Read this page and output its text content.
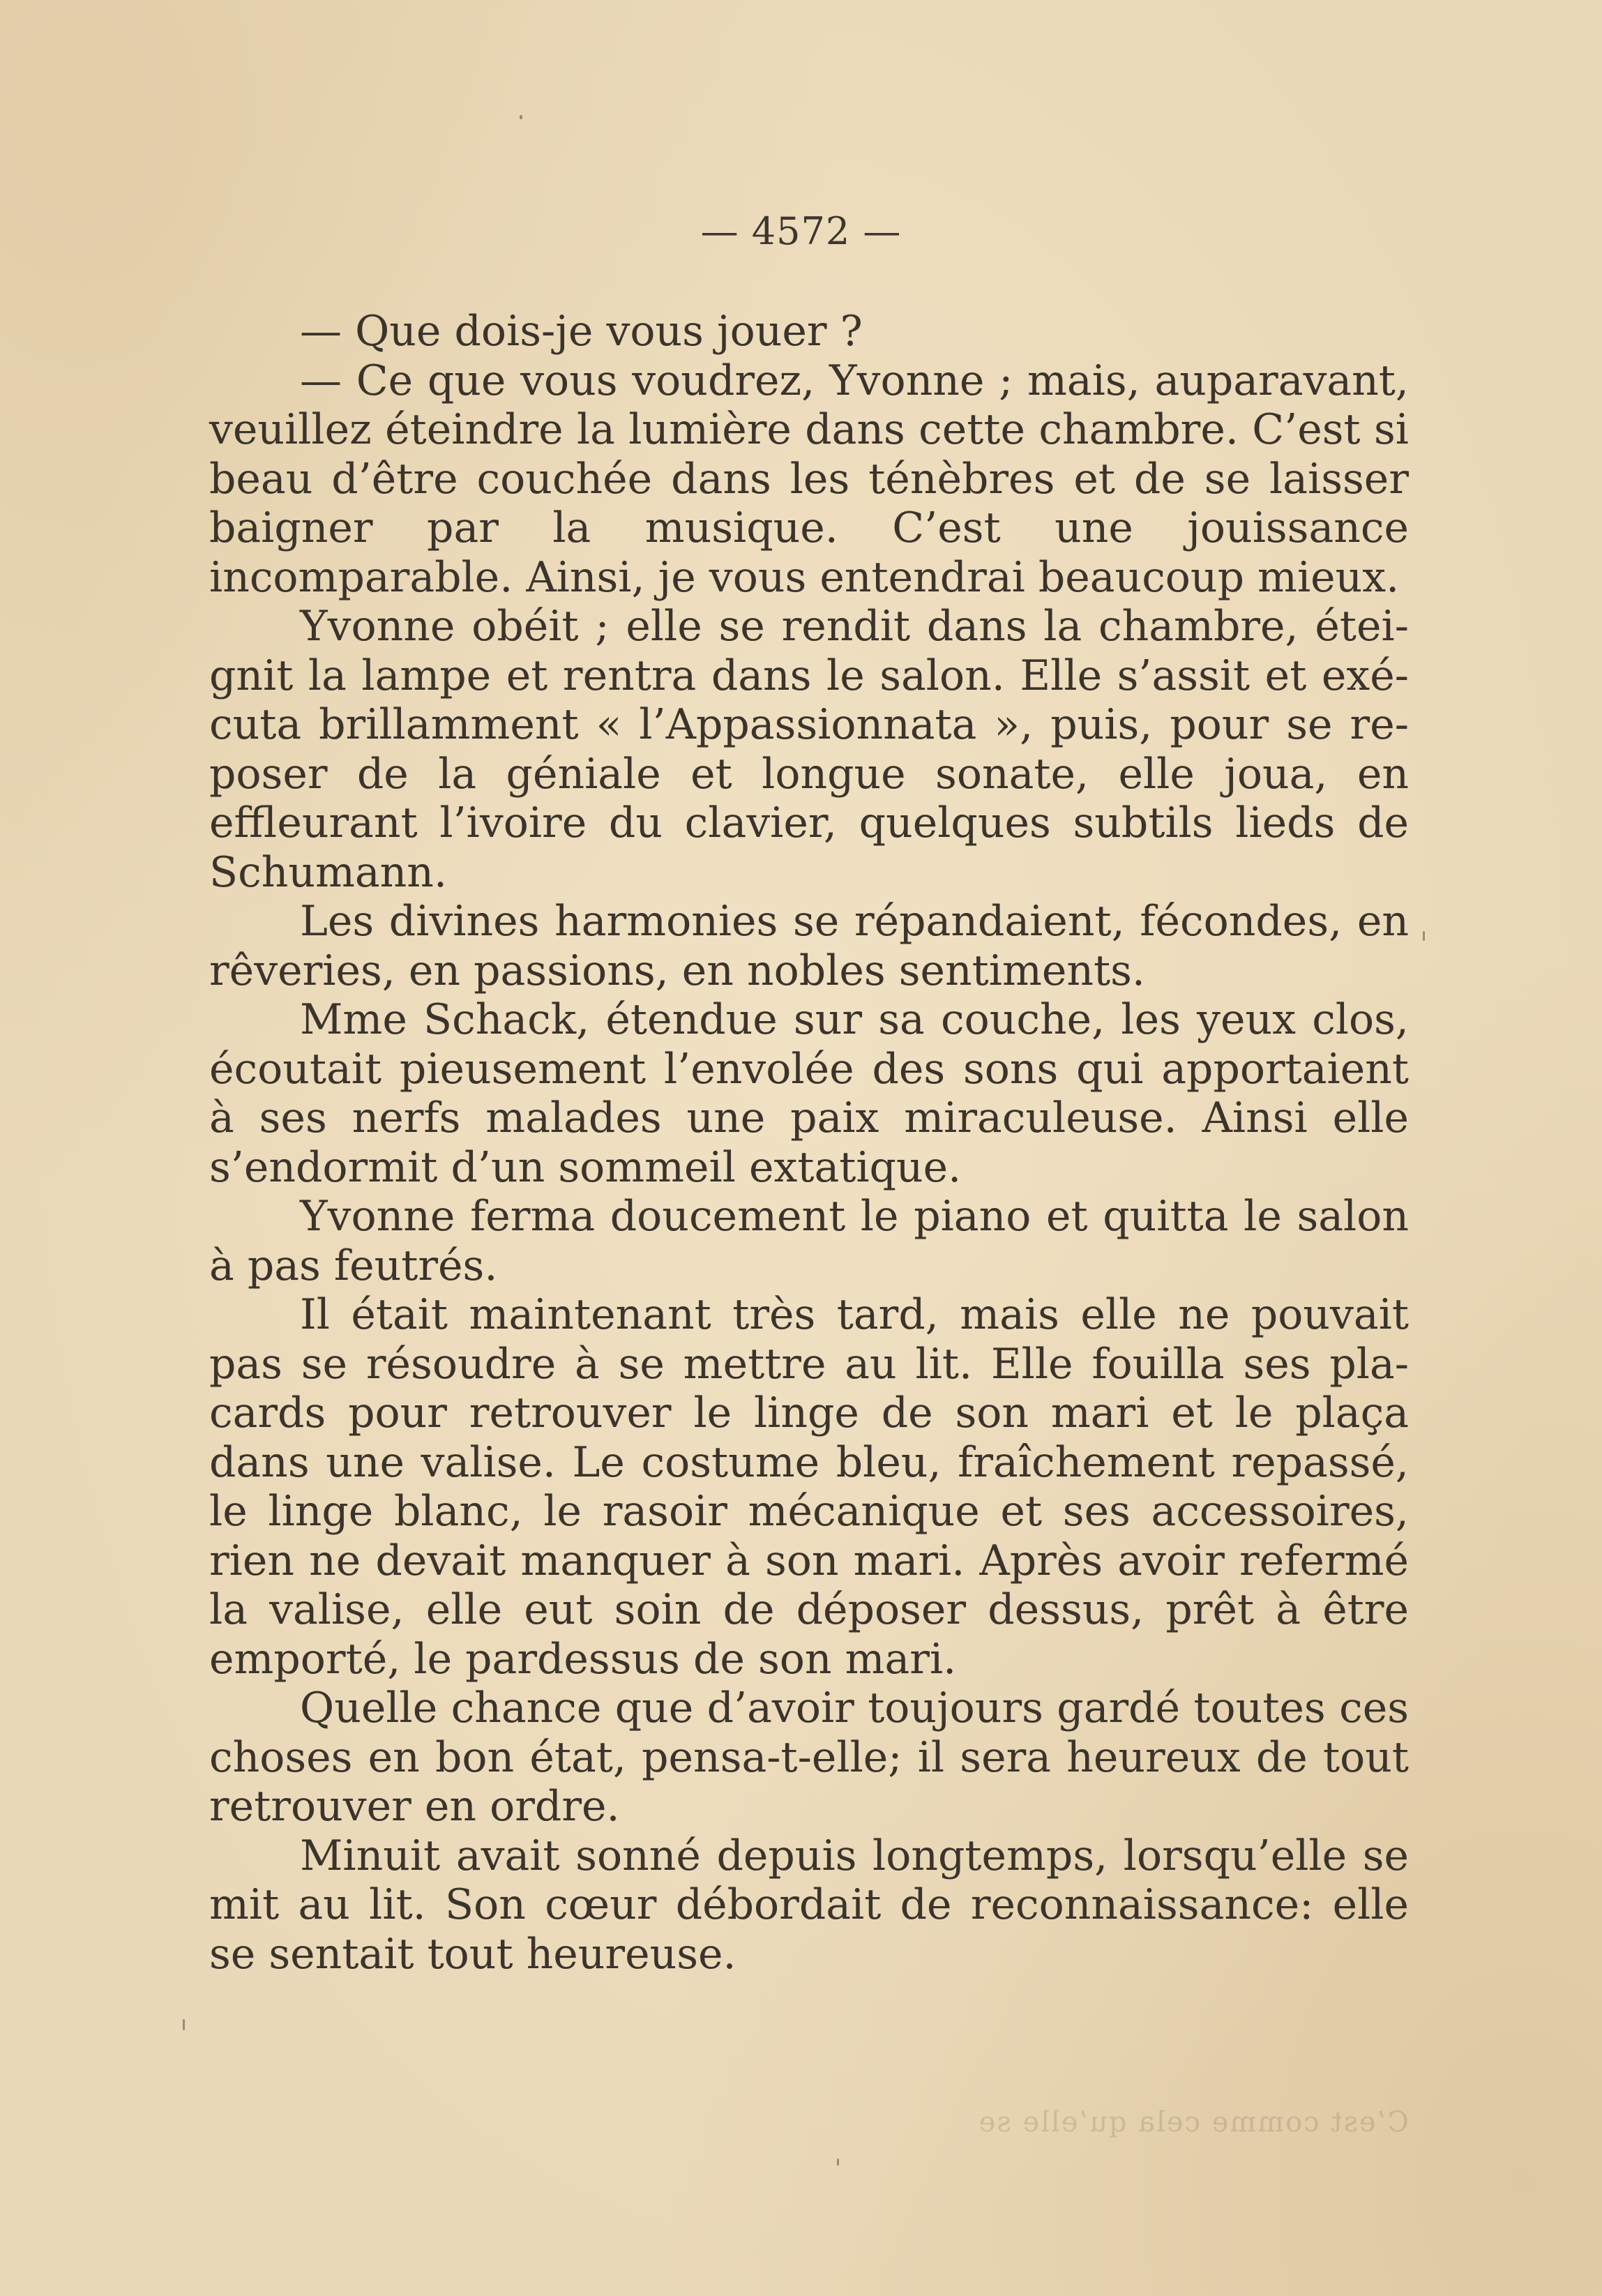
— 4572 —

— Que dois-je vous jouer ?

— Ce que vous voudrez, Yvonne ; mais, auparavant, veuillez éteindre la lumière dans cette chambre. C’est si beau d’être couchée dans les ténèbres et de se laisser baigner par la musique. C’est une jouissance incomparable. Ainsi, je vous entendrai beaucoup mieux.

Yvonne obéit ; elle se rendit dans la chambre, éteignit la lampe et rentra dans le salon. Elle s’assit et exécuta brillamment « l’Appassionnata », puis, pour se reposer de la géniale et longue sonate, elle joua, en effleurant l’ivoire du clavier, quelques subtils lieds de Schumann.

Les divines harmonies se répandaient, fécondes, en rêveries, en passions, en nobles sentiments.

Mme Schack, étendue sur sa couche, les yeux clos, écoutait pieusement l’envolée des sons qui apportaient à ses nerfs malades une paix miraculeuse. Ainsi elle s’endormit d’un sommeil extatique.

Yvonne ferma doucement le piano et quitta le salon à pas feutrés.

Il était maintenant très tard, mais elle ne pouvait pas se résoudre à se mettre au lit. Elle fouilla ses placards pour retrouver le linge de son mari et le plaça dans une valise. Le costume bleu, fraîchement repassé, le linge blanc, le rasoir mécanique et ses accessoires, rien ne devait manquer à son mari. Après avoir refermé la valise, elle eut soin de déposer dessus, prêt à être emporté, le pardessus de son mari.

Quelle chance que d’avoir toujours gardé toutes ces choses en bon état, pensa-t-elle; il sera heureux de tout retrouver en ordre.

Minuit avait sonné depuis longtemps, lorsqu’elle se mit au lit. Son cœur débordait de reconnaissance: elle se sentait tout heureuse.

C’est comme cela qu’elle se
